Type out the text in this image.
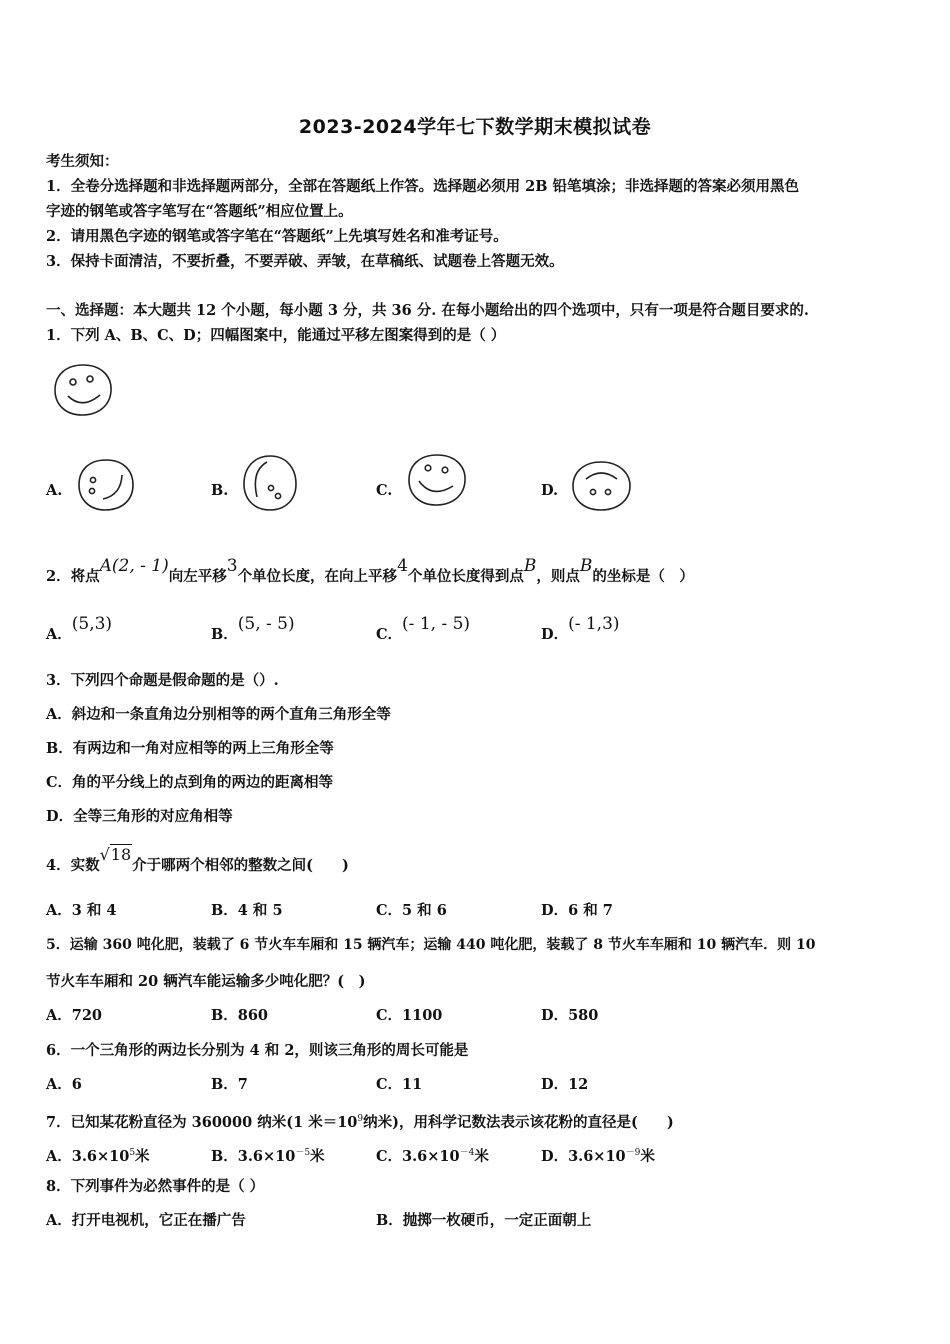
2023-2024学年七下数学期末模拟试卷
考生须知：
1．全卷分选择题和非选择题两部分，全部在答题纸上作答。选择题必须用 2B 铅笔填涂；非选择题的答案必须用黑色
字迹的钢笔或答字笔写在“答题纸”相应位置上。
2．请用黑色字迹的钢笔或答字笔在“答题纸”上先填写姓名和准考证号。
3．保持卡面清洁，不要折叠，不要弄破、弄皱，在草稿纸、试题卷上答题无效。
一、选择题：本大题共 12 个小题，每小题 3 分，共 36 分. 在每小题给出的四个选项中，只有一项是符合题目要求的.
1．下列 A、B、C、D；四幅图案中，能通过平移左图案得到的是（ ）
A.	B.	C.	D.
2．将点A(2, - 1)向左平移3个单位长度，在向上平移4个单位长度得到点B，则点B的坐标是（　）
A．(5,3)
B．(5, - 5)
C．(- 1, - 5)
D．(- 1,3)
3．下列四个命题是假命题的是（）.
A．斜边和一条直角边分别相等的两个直角三角形全等
B．有两边和一角对应相等的两上三角形全等
C．角的平分线上的点到角的两边的距离相等
D．全等三角形的对应角相等
4．实数√18介于哪两个相邻的整数之间(　　)
A．3 和 4	B．4 和 5	C．5 和 6	D．6 和 7
5．运输 360 吨化肥，装载了 6 节火车车厢和 15 辆汽车；运输 440 吨化肥，装载了 8 节火车车厢和 10 辆汽车．则 10
节火车车厢和 20 辆汽车能运输多少吨化肥？(　)
A．720	B．860	C．1100	D．580
6．一个三角形的两边长分别为 4 和 2，则该三角形的周长可能是
A．6	B．7	C．11	D．12
7．已知某花粉直径为 360000 纳米(1 米$=10^9$纳米)，用科学记数法表示该花粉的直径是(　　)
A．$3.6\times 10^5$米	B．$3.6\times 10^{-5}$米	C．$3.6\times 10^{-4}$米	D．$3.6\times 10^{-9}$米
8．下列事件为必然事件的是（ ）
A．打开电视机，它正在播广告	B．抛掷一枚硬币，一定正面朝上
